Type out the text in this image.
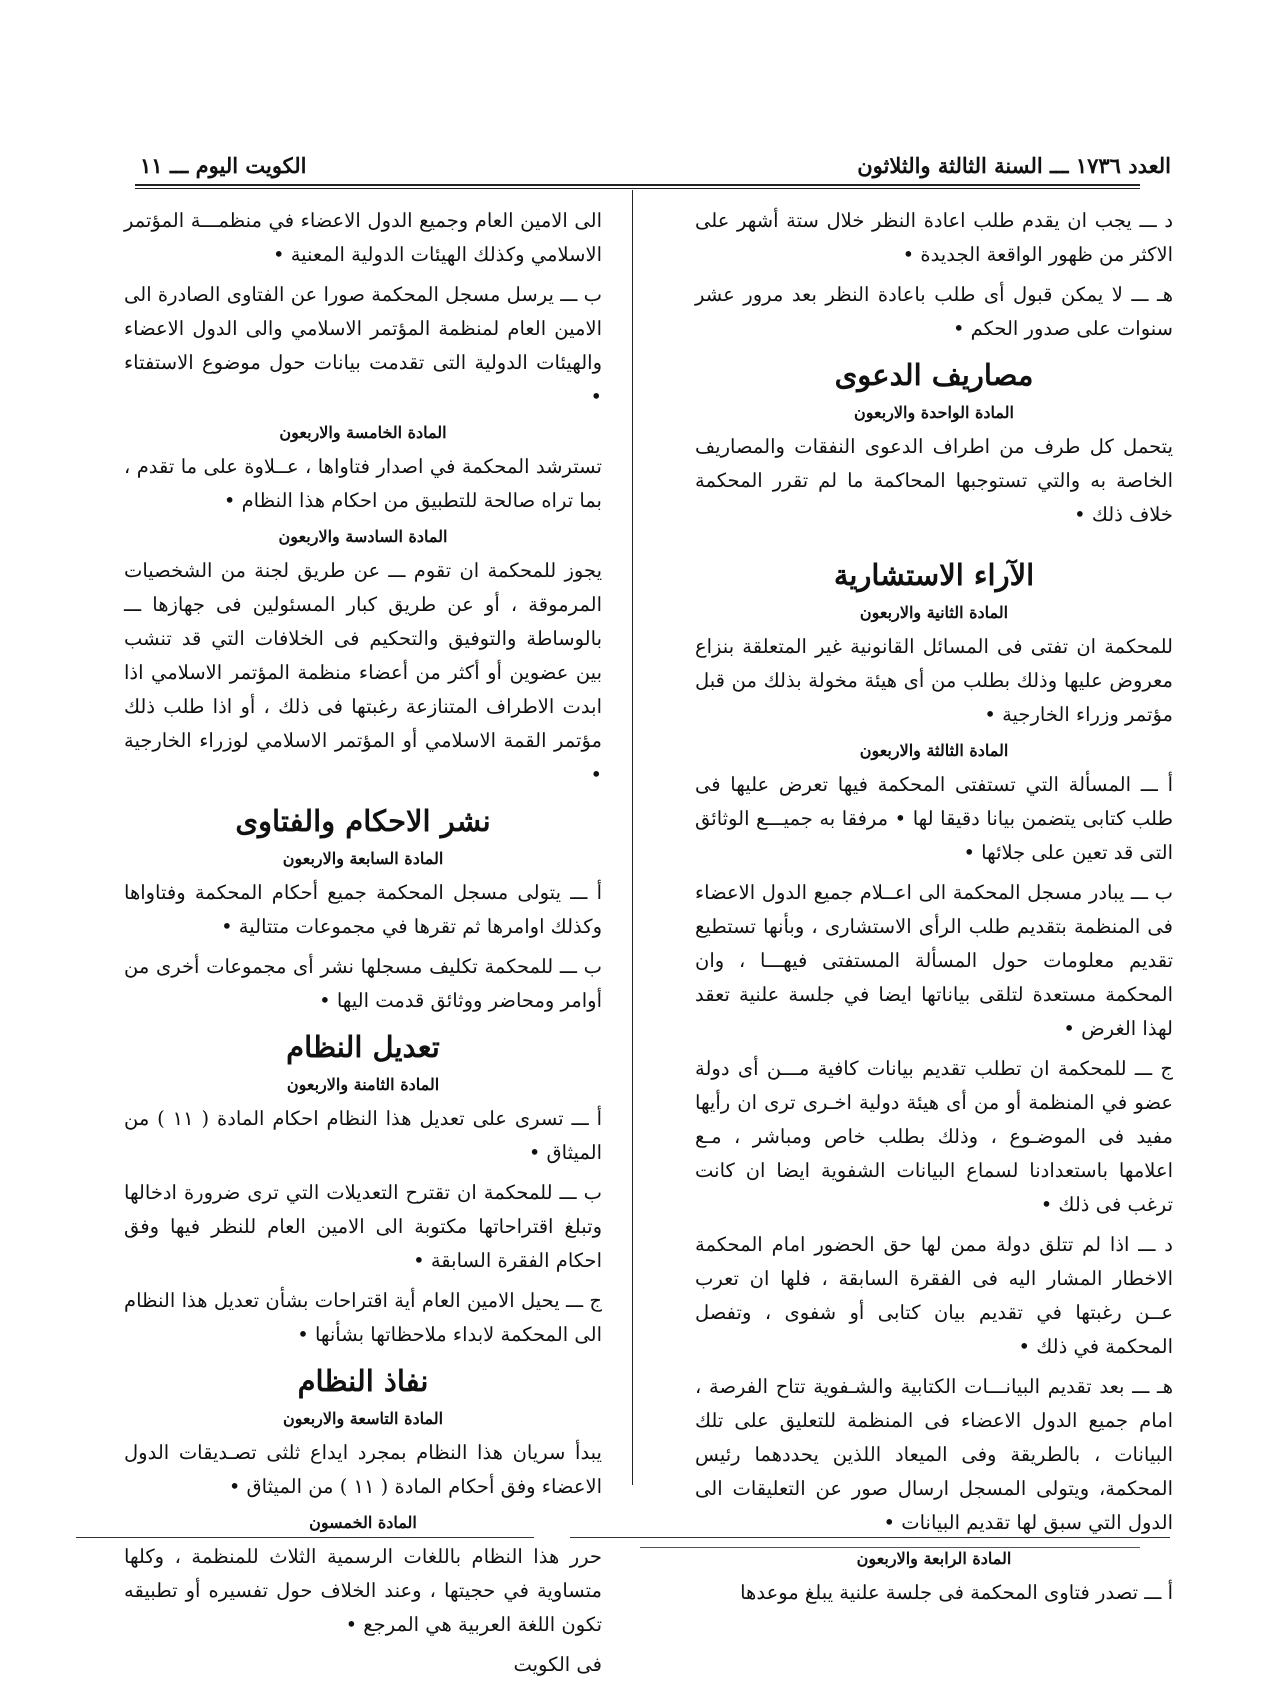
العدد ١٧٣٦ ـــ السنة الثالثة والثلاثون
الكويت اليوم ـــ ١١

د ـــ يجب ان يقدم طلب اعادة النظر خلال ستة أشهر على الاكثر من ظهور الواقعة الجديدة •

هـ ـــ لا يمكن قبول أى طلب باعادة النظر بعد مرور عشر سنوات على صدور الحكم •

مصاريف الدعوى
المادة الواحدة والاربعون

يتحمل كل طرف من اطراف الدعوى النفقات والمصاريف الخاصة به والتي تستوجبها المحاكمة ما لم تقرر المحكمة خلاف ذلك •

الآراء الاستشارية
المادة الثانية والاربعون

للمحكمة ان تفتى فى المسائل القانونية غير المتعلقة بنزاع معروض عليها وذلك بطلب من أى هيئة مخولة بذلك من قبل مؤتمر وزراء الخارجية •

المادة الثالثة والاربعون

أ ـــ المسألة التي تستفتى المحكمة فيها تعرض عليها فى طلب كتابى يتضمن بيانا دقيقا لها • مرفقا به جميـــع الوثائق التى قد تعين على جلائها •

ب ـــ يبادر مسجل المحكمة الى اعــلام جميع الدول الاعضاء فى المنظمة بتقديم طلب الرأى الاستشارى ، وبأنها تستطيع تقديم معلومات حول المسألة المستفتى فيهـــا ، وان المحكمة مستعدة لتلقى بياناتها ايضا في جلسة علنية تعقد لهذا الغرض •

ج ـــ للمحكمة ان تطلب تقديم بيانات كافية مـــن أى دولة عضو في المنظمة أو من أى هيئة دولية اخـرى ترى ان رأيها مفيد فى الموضـوع ، وذلك بطلب خاص ومباشر ، مـع اعلامها باستعدادنا لسماع البيانات الشفوية ايضا ان كانت ترغب فى ذلك •

د ـــ اذا لم تتلق دولة ممن لها حق الحضور امام المحكمة الاخطار المشار اليه فى الفقرة السابقة ، فلها ان تعرب عــن رغبتها في تقديم بيان كتابى أو شفوى ، وتفصل المحكمة في ذلك •

هـ ـــ بعد تقديم البيانـــات الكتابية والشـفوية تتاح الفرصة ، امام جميع الدول الاعضاء فى المنظمة للتعليق على تلك البيانات ، بالطريقة وفى الميعاد اللذين يحددهما رئيس المحكمة، ويتولى المسجل ارسال صور عن التعليقات الى الدول التي سبق لها تقديم البيانات •

المادة الرابعة والاربعون

أ ـــ تصدر فتاوى المحكمة فى جلسة علنية يبلغ موعدها

الى الامين العام وجميع الدول الاعضاء في منظمـــة المؤتمر الاسلامي وكذلك الهيئات الدولية المعنية •

ب ـــ يرسل مسجل المحكمة صورا عن الفتاوى الصادرة الى الامين العام لمنظمة المؤتمر الاسلامي والى الدول الاعضاء والهيئات الدولية التى تقدمت بيانات حول موضوع الاستفتاء •

المادة الخامسة والاربعون

تسترشد المحكمة في اصدار فتاواها ، عــلاوة على ما تقدم ، بما تراه صالحة للتطبيق من احكام هذا النظام •

المادة السادسة والاربعون

يجوز للمحكمة ان تقوم ـــ عن طريق لجنة من الشخصيات المرموقة ، أو عن طريق كبار المسئولين فى جهازها ـــ بالوساطة والتوفيق والتحكيم فى الخلافات التي قد تنشب بين عضوين أو أكثر من أعضاء منظمة المؤتمر الاسلامي اذا ابدت الاطراف المتنازعة رغبتها فى ذلك ، أو اذا طلب ذلك مؤتمر القمة الاسلامي أو المؤتمر الاسلامي لوزراء الخارجية •

نشر الاحكام والفتاوى
المادة السابعة والاربعون

أ ـــ يتولى مسجل المحكمة جميع أحكام المحكمة وفتاواها وكذلك اوامرها ثم تقرها في مجموعات متتالية •

ب ـــ للمحكمة تكليف مسجلها نشر أى مجموعات أخرى من أوامر ومحاضر ووثائق قدمت اليها •

تعديل النظام
المادة الثامنة والاربعون

أ ـــ تسرى على تعديل هذا النظام احكام المادة ( ١١ ) من الميثاق •

ب ـــ للمحكمة ان تقترح التعديلات التي ترى ضرورة ادخالها وتبلغ اقتراحاتها مكتوبة الى الامين العام للنظر فيها وفق احكام الفقرة السابقة •

ج ـــ يحيل الامين العام أية اقتراحات بشأن تعديل هذا النظام الى المحكمة لابداء ملاحظاتها بشأنها •

نفاذ النظام
المادة التاسعة والاربعون

يبدأ سريان هذا النظام بمجرد ايداع ثلثى تصـديقات الدول الاعضاء وفق أحكام المادة ( ١١ ) من الميثاق •

المادة الخمسون

حرر هذا النظام باللغات الرسمية الثلاث للمنظمة ، وكلها متساوية في حجيتها ، وعند الخلاف حول تفسيره أو تطبيقه تكون اللغة العربية هي المرجع •

فى الكويت
